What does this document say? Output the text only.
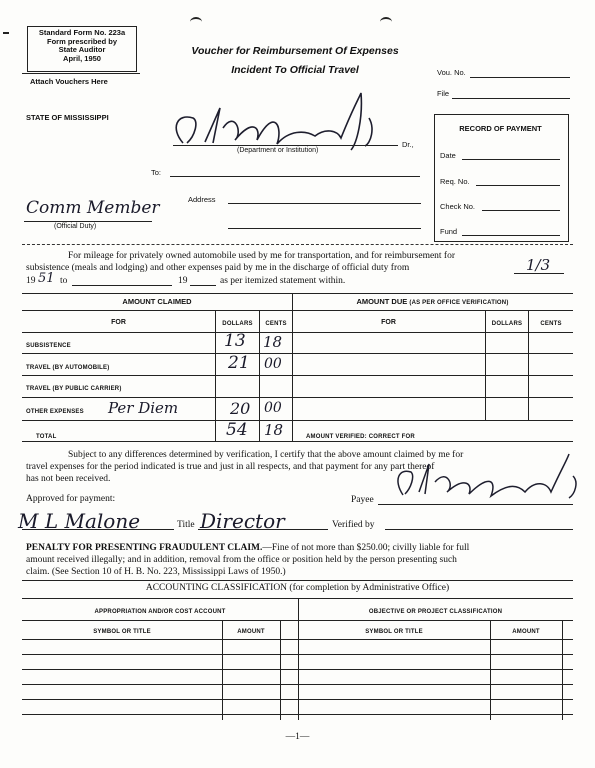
Standard Form No. 223a
Form prescribed by
State Auditor
April, 1950
Attach Vouchers Here
Voucher for Reimbursement Of Expenses
Incident To Official Travel	Vou. No.
File
STATE OF MISSISSIPPI
Dr.,
(Department or Institution)
To:
Address
Comm Member
(Official Duty)
RECORD OF PAYMENT
Date
Req. No.
Check No.
Fund
For mileage for privately owned automobile used by me for transportation, and for reimbursement for
subsistence (meals and lodging) and other expenses paid by me in the discharge of official duty from	1/3
19 51 to	19	as per itemized statement within.
AMOUNT CLAIMED	AMOUNT DUE (AS PER OFFICE VERIFICATION)
FOR	DOLLARS	CENTS	FOR	DOLLARS	CENTS
SUBSISTENCE	13 18
TRAVEL (BY AUTOMOBILE)	21 00
TRAVEL (BY PUBLIC CARRIER)
OTHER EXPENSES Per Diem	20 00
TOTAL	54 18	AMOUNT VERIFIED: CORRECT FOR
Subject to any differences determined by verification, I certify that the above amount claimed by me for
travel expenses for the period indicated is true and just in all respects, and that payment for any part thereof
has not been received.
Approved for payment:	Payee
M L Malone	Title Director	Verified by
PENALTY FOR PRESENTING FRAUDULENT CLAIM.—Fine of not more than $250.00; civilly liable for full
amount received illegally; and in addition, removal from the office or position held by the person presenting such
claim. (See Section 10 of H. B. No. 223, Mississippi Laws of 1950.)
ACCOUNTING CLASSIFICATION (for completion by Administrative Office)
APPROPRIATION AND/OR COST ACCOUNT	OBJECTIVE OR PROJECT CLASSIFICATION
SYMBOL OR TITLE	AMOUNT	SYMBOL OR TITLE	AMOUNT
—1—
